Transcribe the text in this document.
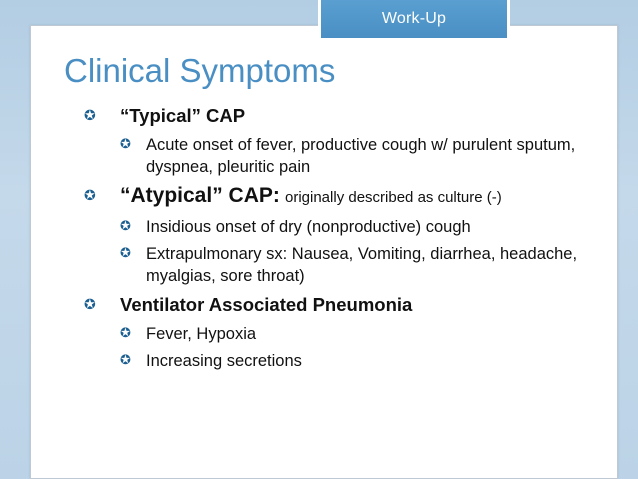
Work-Up
Clinical Symptoms
✪ “Typical” CAP
✪ Acute onset of fever, productive cough w/ purulent sputum, dyspnea, pleuritic pain
✪ “Atypical” CAP: originally described as culture (-)
✪ Insidious onset of dry (nonproductive) cough
✪ Extrapulmonary sx: Nausea, Vomiting, diarrhea, headache, myalgias, sore throat)
✪ Ventilator Associated Pneumonia
✪ Fever, Hypoxia
✪ Increasing secretions
